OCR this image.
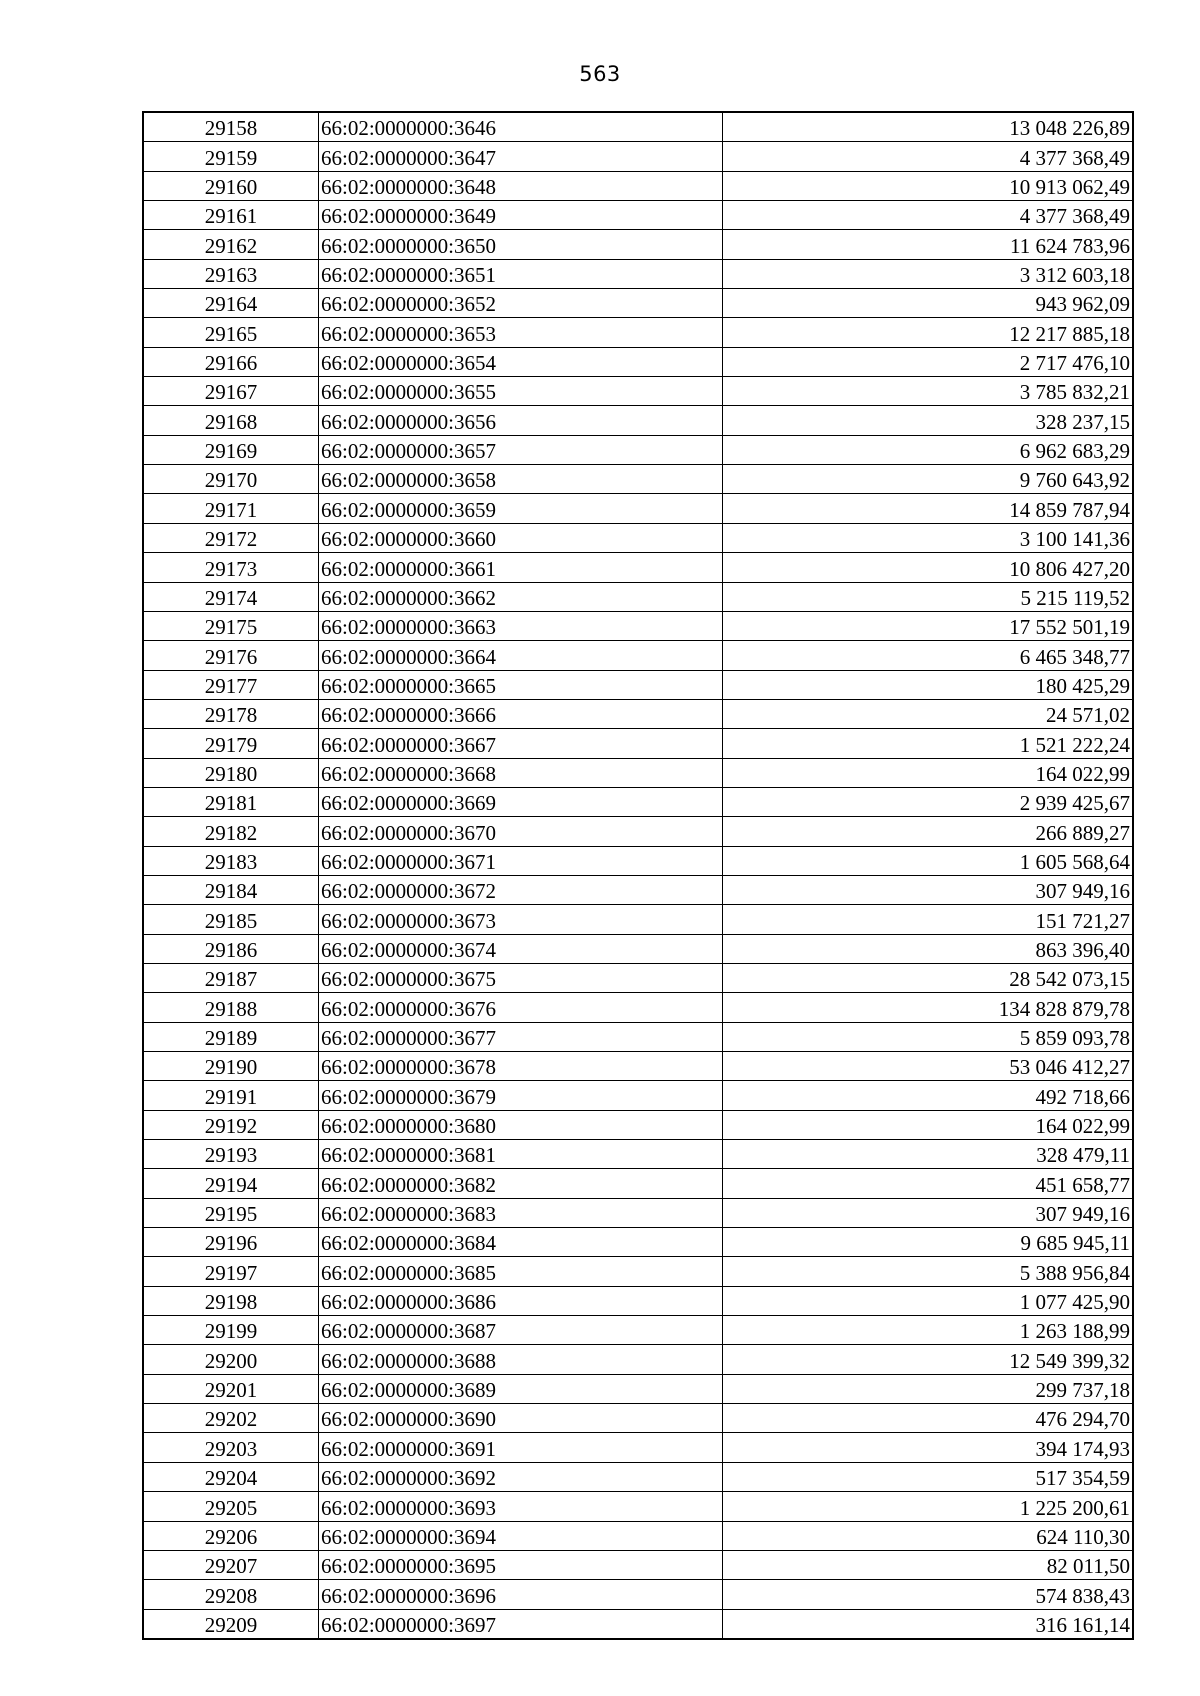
563
29158	66:02:0000000:3646	13 048 226,89
29159	66:02:0000000:3647	4 377 368,49
29160	66:02:0000000:3648	10 913 062,49
29161	66:02:0000000:3649	4 377 368,49
29162	66:02:0000000:3650	11 624 783,96
29163	66:02:0000000:3651	3 312 603,18
29164	66:02:0000000:3652	943 962,09
29165	66:02:0000000:3653	12 217 885,18
29166	66:02:0000000:3654	2 717 476,10
29167	66:02:0000000:3655	3 785 832,21
29168	66:02:0000000:3656	328 237,15
29169	66:02:0000000:3657	6 962 683,29
29170	66:02:0000000:3658	9 760 643,92
29171	66:02:0000000:3659	14 859 787,94
29172	66:02:0000000:3660	3 100 141,36
29173	66:02:0000000:3661	10 806 427,20
29174	66:02:0000000:3662	5 215 119,52
29175	66:02:0000000:3663	17 552 501,19
29176	66:02:0000000:3664	6 465 348,77
29177	66:02:0000000:3665	180 425,29
29178	66:02:0000000:3666	24 571,02
29179	66:02:0000000:3667	1 521 222,24
29180	66:02:0000000:3668	164 022,99
29181	66:02:0000000:3669	2 939 425,67
29182	66:02:0000000:3670	266 889,27
29183	66:02:0000000:3671	1 605 568,64
29184	66:02:0000000:3672	307 949,16
29185	66:02:0000000:3673	151 721,27
29186	66:02:0000000:3674	863 396,40
29187	66:02:0000000:3675	28 542 073,15
29188	66:02:0000000:3676	134 828 879,78
29189	66:02:0000000:3677	5 859 093,78
29190	66:02:0000000:3678	53 046 412,27
29191	66:02:0000000:3679	492 718,66
29192	66:02:0000000:3680	164 022,99
29193	66:02:0000000:3681	328 479,11
29194	66:02:0000000:3682	451 658,77
29195	66:02:0000000:3683	307 949,16
29196	66:02:0000000:3684	9 685 945,11
29197	66:02:0000000:3685	5 388 956,84
29198	66:02:0000000:3686	1 077 425,90
29199	66:02:0000000:3687	1 263 188,99
29200	66:02:0000000:3688	12 549 399,32
29201	66:02:0000000:3689	299 737,18
29202	66:02:0000000:3690	476 294,70
29203	66:02:0000000:3691	394 174,93
29204	66:02:0000000:3692	517 354,59
29205	66:02:0000000:3693	1 225 200,61
29206	66:02:0000000:3694	624 110,30
29207	66:02:0000000:3695	82 011,50
29208	66:02:0000000:3696	574 838,43
29209	66:02:0000000:3697	316 161,14
